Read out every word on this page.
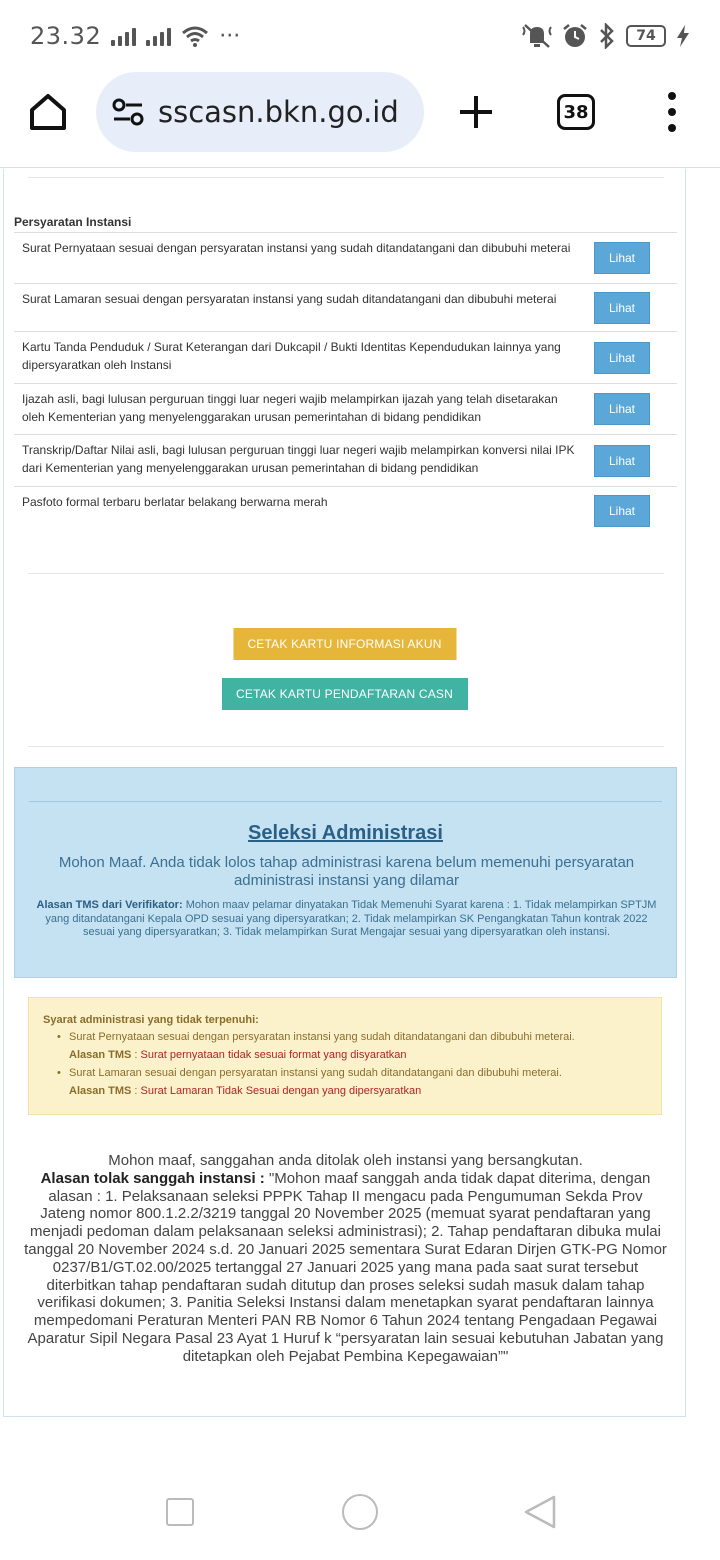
23.32	···	74
sscasn.bkn.go.id	38
Persyaratan Instansi
Surat Pernyataan sesuai dengan persyaratan instansi yang sudah ditandatangani dan dibubuhi meterai
Lihat
Surat Lamaran sesuai dengan persyaratan instansi yang sudah ditandatangani dan dibubuhi meterai
Lihat
Kartu Tanda Penduduk / Surat Keterangan dari Dukcapil / Bukti Identitas Kependudukan lainnya yang dipersyaratkan oleh Instansi
Lihat
Ijazah asli, bagi lulusan perguruan tinggi luar negeri wajib melampirkan ijazah yang telah disetarakan oleh Kementerian yang menyelenggarakan urusan pemerintahan di bidang pendidikan
Lihat
Transkrip/Daftar Nilai asli, bagi lulusan perguruan tinggi luar negeri wajib melampirkan konversi nilai IPK dari Kementerian yang menyelenggarakan urusan pemerintahan di bidang pendidikan
Lihat
Pasfoto formal terbaru berlatar belakang berwarna merah
Lihat
CETAK KARTU INFORMASI AKUN
CETAK KARTU PENDAFTARAN CASN
Seleksi Administrasi
Mohon Maaf. Anda tidak lolos tahap administrasi karena belum memenuhi persyaratan administrasi instansi yang dilamar
Alasan TMS dari Verifikator: Mohon maav pelamar dinyatakan Tidak Memenuhi Syarat karena : 1. Tidak melampirkan SPTJM yang ditandatangani Kepala OPD sesuai yang dipersyaratkan; 2. Tidak melampirkan SK Pengangkatan Tahun kontrak 2022 sesuai yang dipersyaratkan; 3. Tidak melampirkan Surat Mengajar sesuai yang dipersyaratkan oleh instansi.
Syarat administrasi yang tidak terpenuhi:
• Surat Pernyataan sesuai dengan persyaratan instansi yang sudah ditandatangani dan dibubuhi meterai.
Alasan TMS : Surat pernyataan tidak sesuai format yang disyaratkan
• Surat Lamaran sesuai dengan persyaratan instansi yang sudah ditandatangani dan dibubuhi meterai.
Alasan TMS : Surat Lamaran Tidak Sesuai dengan yang dipersyaratkan
Mohon maaf, sanggahan anda ditolak oleh instansi yang bersangkutan.
Alasan tolak sanggah instansi : "Mohon maaf sanggah anda tidak dapat diterima, dengan alasan : 1. Pelaksanaan seleksi PPPK Tahap II mengacu pada Pengumuman Sekda Prov Jateng nomor 800.1.2.2/3219 tanggal 20 November 2025 (memuat syarat pendaftaran yang menjadi pedoman dalam pelaksanaan seleksi administrasi); 2. Tahap pendaftaran dibuka mulai tanggal 20 November 2024 s.d. 20 Januari 2025 sementara Surat Edaran Dirjen GTK-PG Nomor 0237/B1/GT.02.00/2025 tertanggal 27 Januari 2025 yang mana pada saat surat tersebut diterbitkan tahap pendaftaran sudah ditutup dan proses seleksi sudah masuk dalam tahap verifikasi dokumen; 3. Panitia Seleksi Instansi dalam menetapkan syarat pendaftaran lainnya mempedomani Peraturan Menteri PAN RB Nomor 6 Tahun 2024 tentang Pengadaan Pegawai Aparatur Sipil Negara Pasal 23 Ayat 1 Huruf k “persyaratan lain sesuai kebutuhan Jabatan yang ditetapkan oleh Pejabat Pembina Kepegawaian”"
